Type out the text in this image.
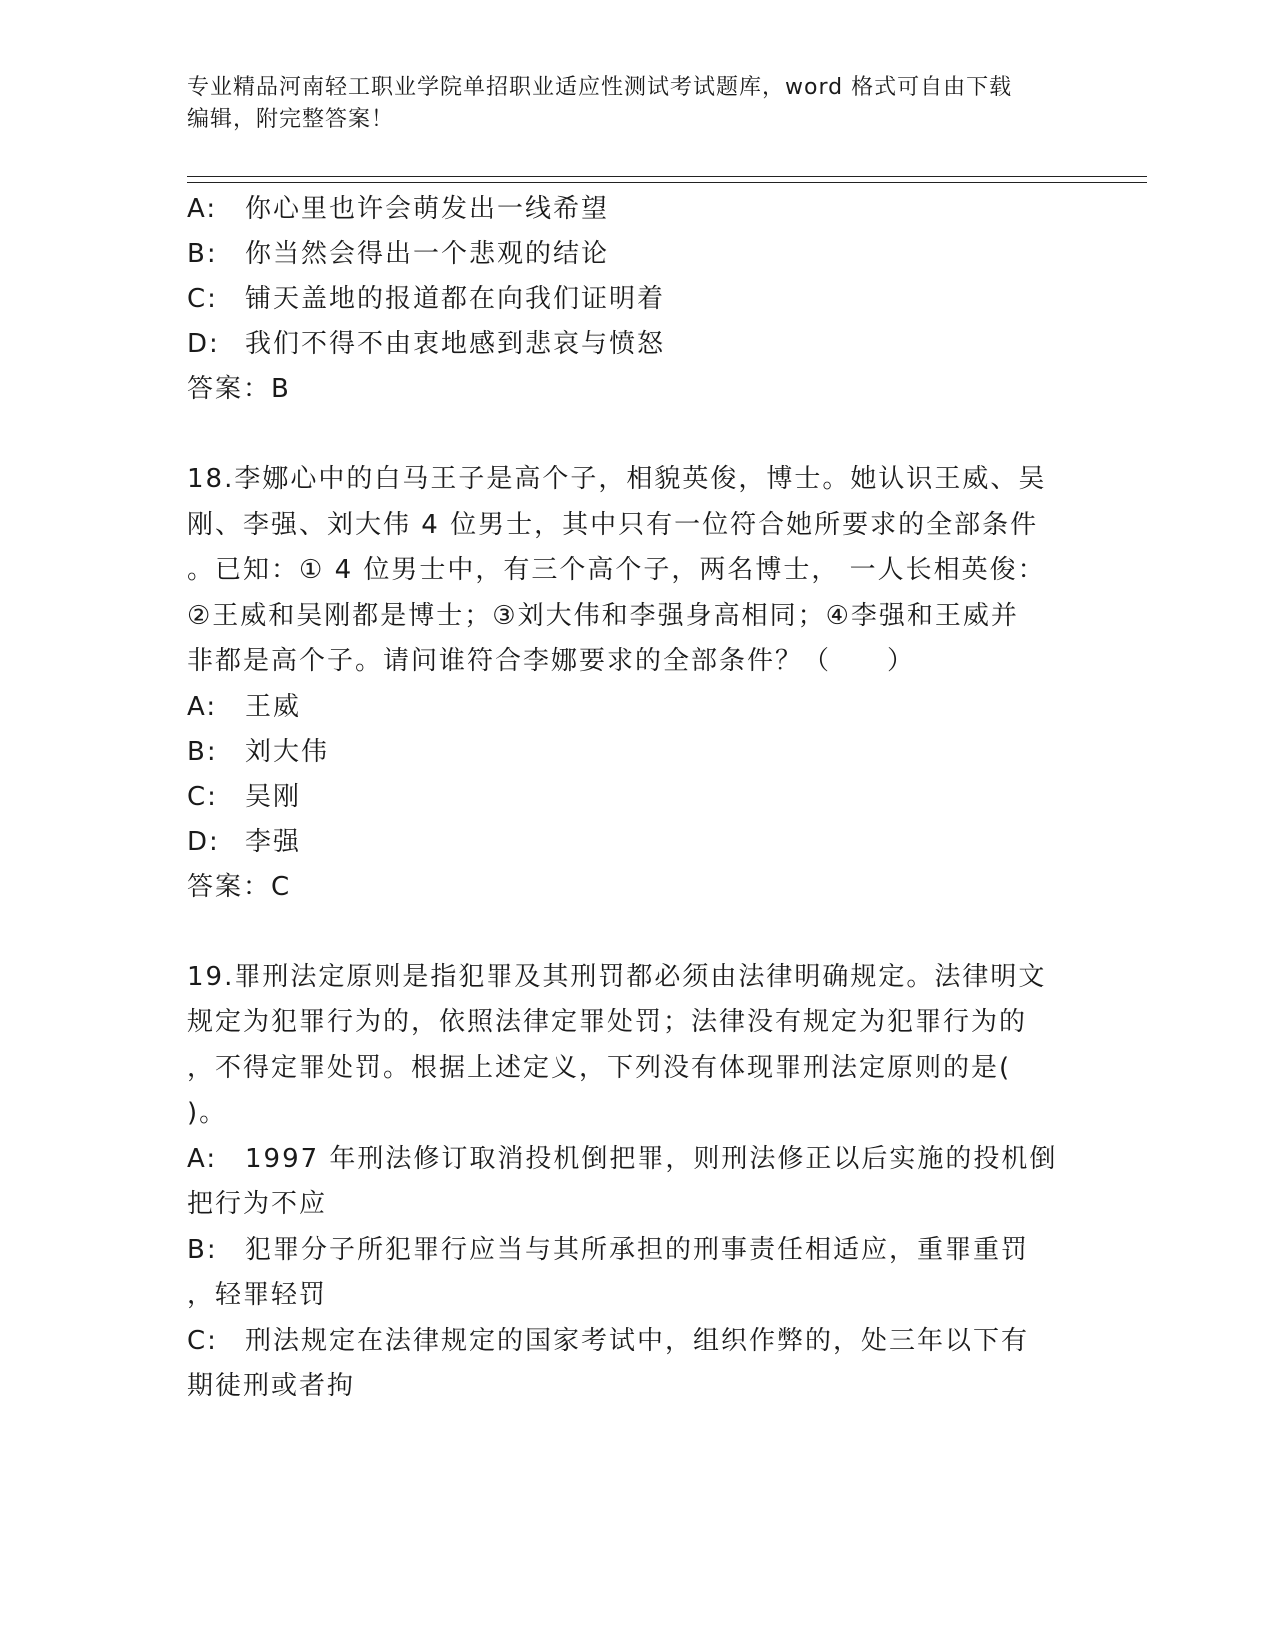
专业精品河南轻工职业学院单招职业适应性测试考试题库，word 格式可自由下载
编辑，附完整答案！
A:	你心里也许会萌发出一线希望
B:	你当然会得出一个悲观的结论
C:	铺天盖地的报道都在向我们证明着
D: 我们不得不由衷地感到悲哀与愤怒
答案：B
18.李娜心中的白马王子是高个子，相貌英俊，博士。她认识王威、吴
刚、李强、刘大伟 4 位男士，其中只有一位符合她所要求的全部条件
。已知：① 4 位男士中，有三个高个子，两名博士， 一人长相英俊：
②王威和吴刚都是博士；③刘大伟和李强身高相同；④李强和王威并
非都是高个子。请问谁符合李娜要求的全部条件？（　　）
A:	王威
B:	刘大伟
C:	吴刚
D: 李强
答案：C
19.罪刑法定原则是指犯罪及其刑罚都必须由法律明确规定。法律明文
规定为犯罪行为的，依照法律定罪处罚；法律没有规定为犯罪行为的
，不得定罪处罚。根据上述定义，下列没有体现罪刑法定原则的是(
)。
A: 1997 年刑法修订取消投机倒把罪，则刑法修正以后实施的投机倒
把行为不应
B: 犯罪分子所犯罪行应当与其所承担的刑事责任相适应，重罪重罚
，轻罪轻罚
C: 刑法规定在法律规定的国家考试中，组织作弊的，处三年以下有
期徒刑或者拘
